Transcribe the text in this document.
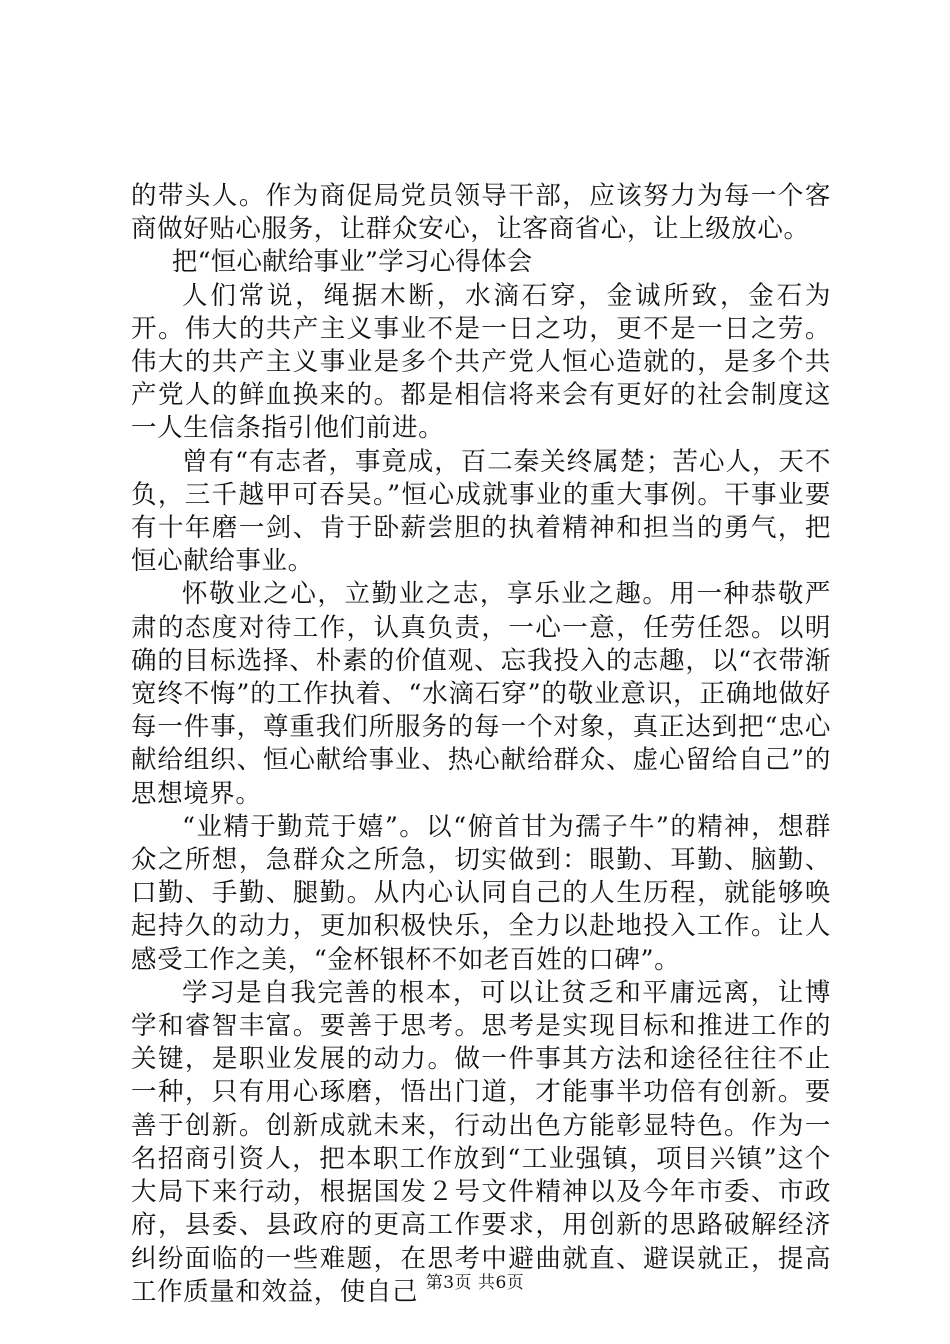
的带头人。作为商促局党员领导干部，应该努力为每一个客商做好贴心服务，让群众安心，让客商省心，让上级放心。

把“恒心献给事业”学习心得体会

人们常说，绳据木断，水滴石穿，金诚所致，金石为开。伟大的共产主义事业不是一日之功，更不是一日之劳。伟大的共产主义事业是多个共产党人恒心造就的，是多个共产党人的鲜血换来的。都是相信将来会有更好的社会制度这一人生信条指引他们前进。

曾有“有志者，事竟成，百二秦关终属楚；苦心人，天不负，三千越甲可吞吴。”恒心成就事业的重大事例。干事业要有十年磨一剑、肯于卧薪尝胆的执着精神和担当的勇气，把恒心献给事业。

怀敬业之心，立勤业之志，享乐业之趣。用一种恭敬严肃的态度对待工作，认真负责，一心一意，任劳任怨。以明确的目标选择、朴素的价值观、忘我投入的志趣，以“衣带渐宽终不悔”的工作执着、“水滴石穿”的敬业意识，正确地做好每一件事，尊重我们所服务的每一个对象，真正达到把“忠心献给组织、恒心献给事业、热心献给群众、虚心留给自己”的思想境界。

“业精于勤荒于嬉”。以“俯首甘为孺子牛”的精神，想群众之所想，急群众之所急，切实做到：眼勤、耳勤、脑勤、口勤、手勤、腿勤。从内心认同自己的人生历程，就能够唤起持久的动力，更加积极快乐，全力以赴地投入工作。让人感受工作之美，“金杯银杯不如老百姓的口碑”。

学习是自我完善的根本，可以让贫乏和平庸远离，让博学和睿智丰富。要善于思考。思考是实现目标和推进工作的关键，是职业发展的动力。做一件事其方法和途径往往不止一种，只有用心琢磨，悟出门道，才能事半功倍有创新。要善于创新。创新成就未来，行动出色方能彰显特色。作为一名招商引资人，把本职工作放到“工业强镇，项目兴镇”这个大局下来行动，根据国发２号文件精神以及今年市委、市政府，县委、县政府的更高工作要求，用创新的思路破解经济纠纷面临的一些难题，在思考中避曲就直、避误就正，提高工作质量和效益，使自己 第3页 共6页
